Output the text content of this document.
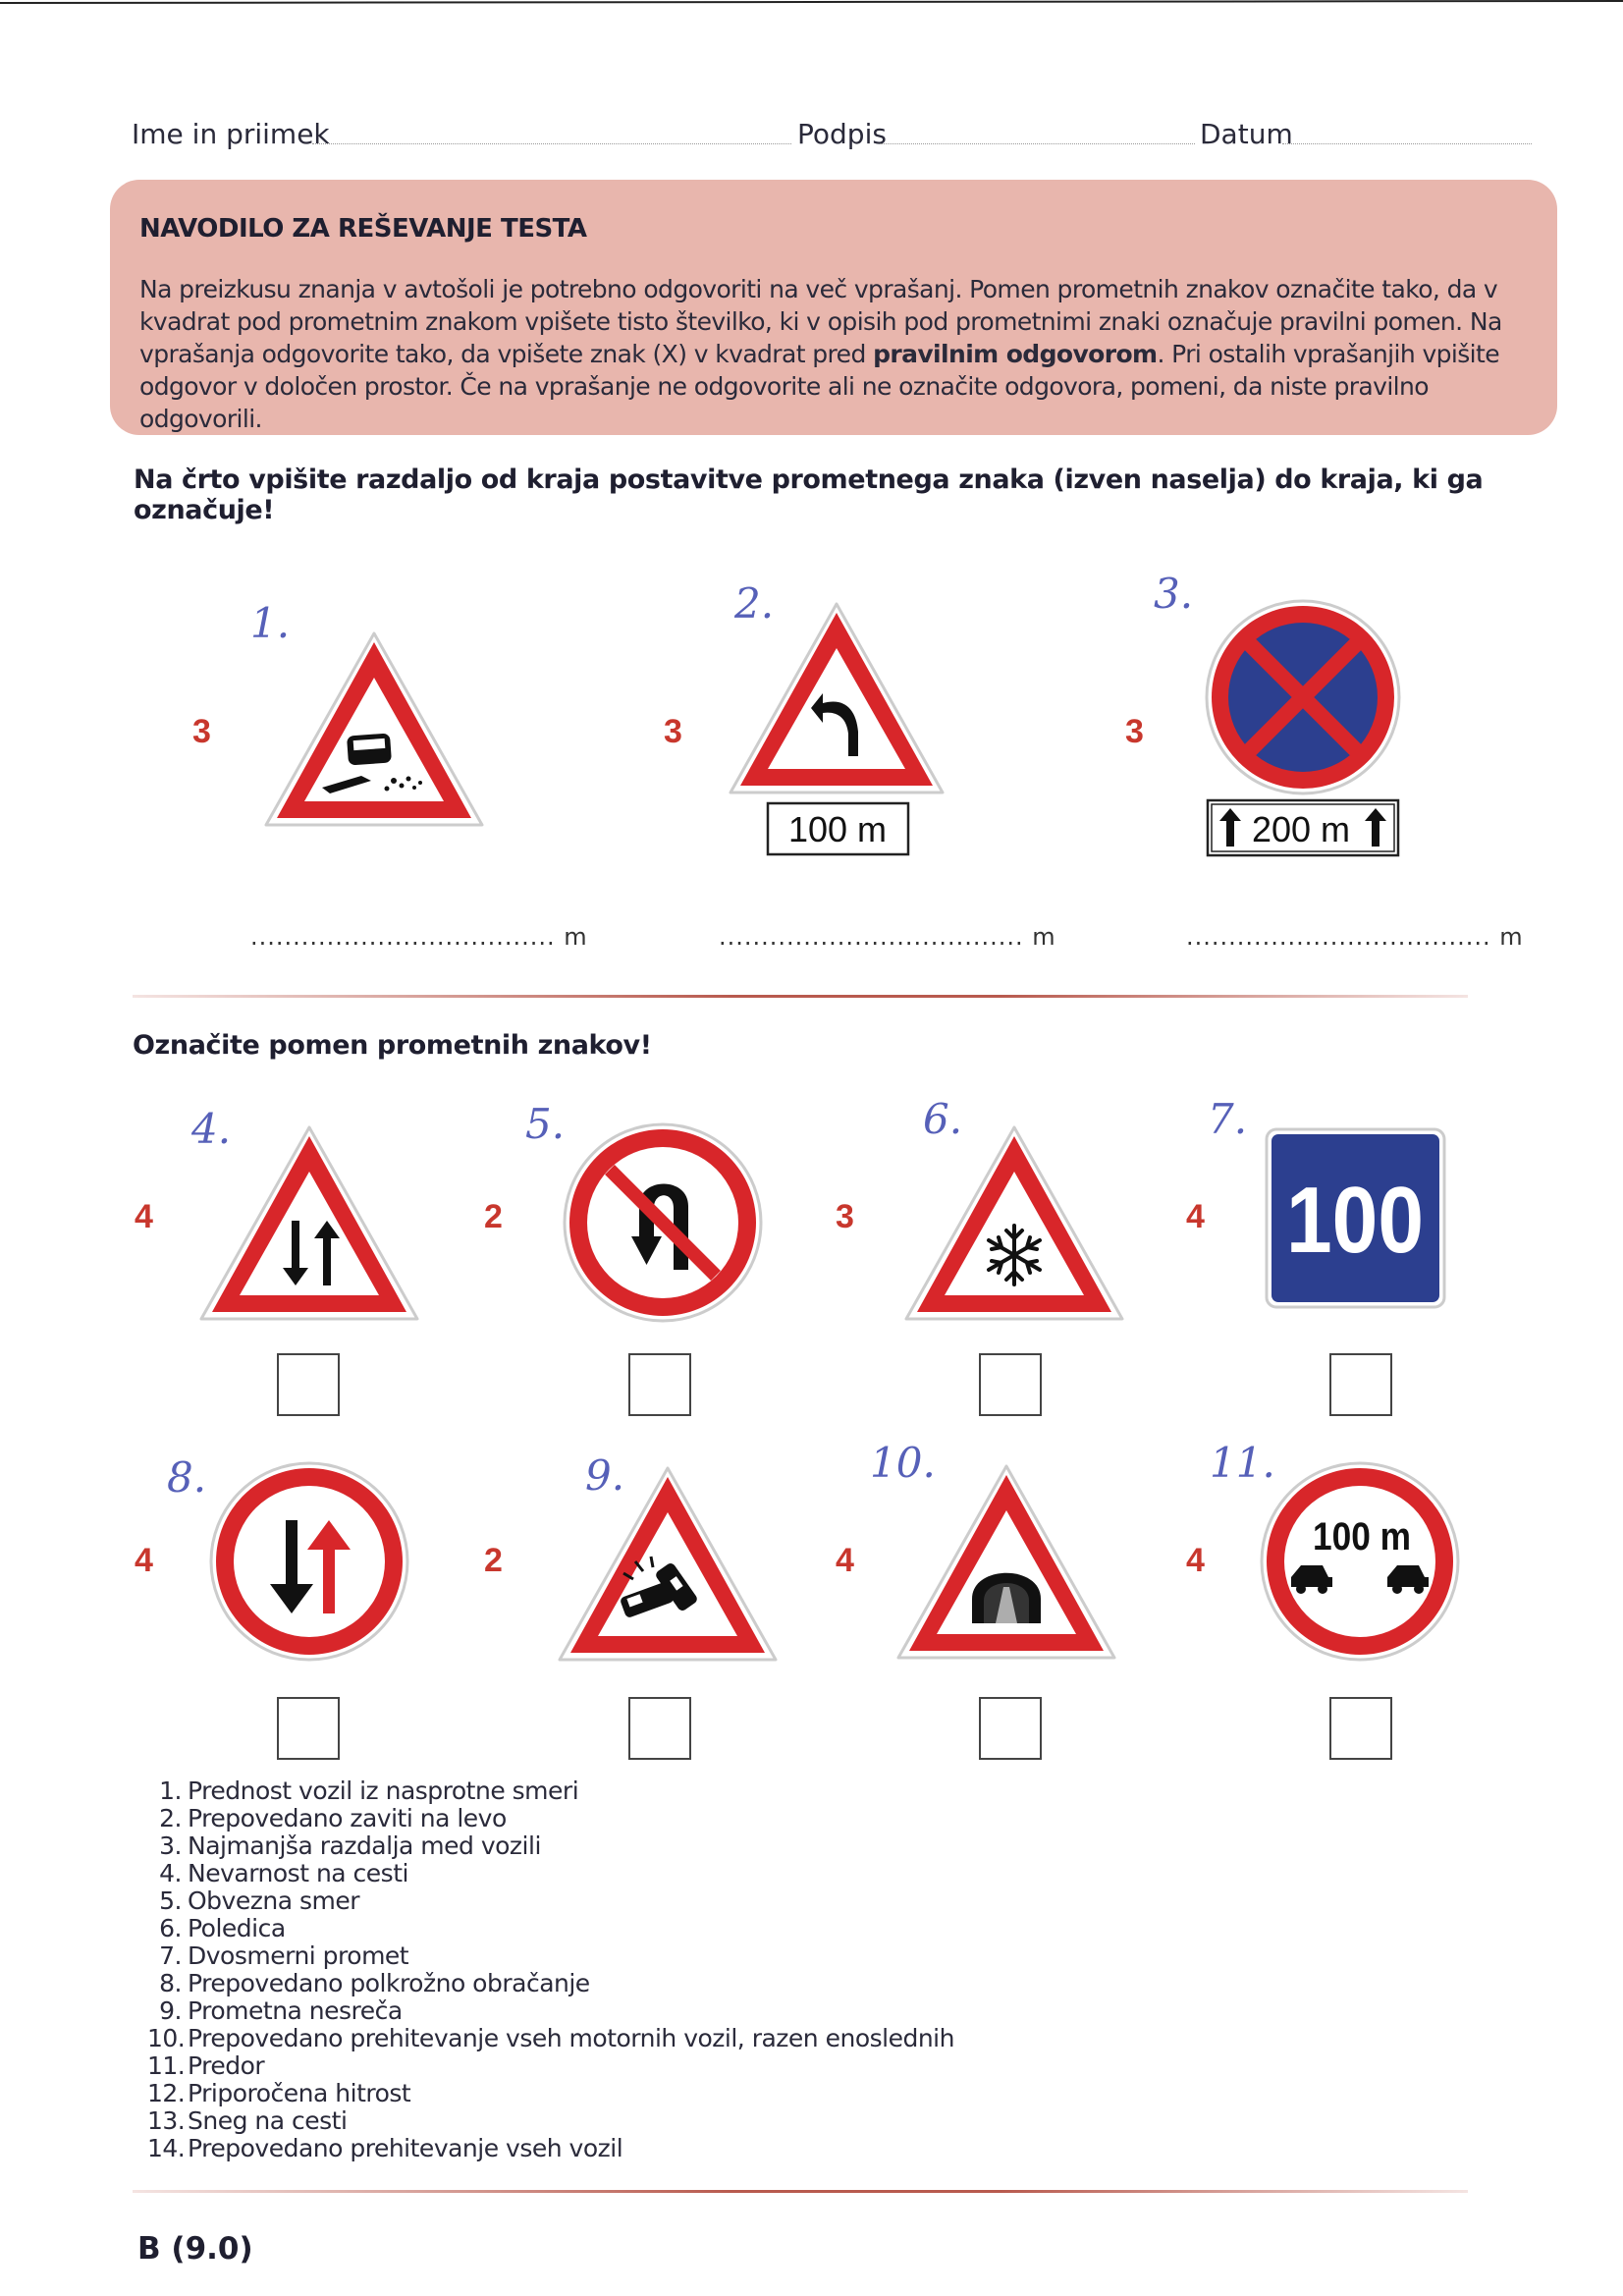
Ime in priimek	Podpis	Datum
NAVODILO ZA REŠEVANJE TESTA
Na preizkusu znanja v avtošoli je potrebno odgovoriti na več vprašanj. Pomen prometnih znakov označite tako, da v kvadrat pod prometnim znakom vpišete tisto številko, ki v opisih pod prometnimi znaki označuje pravilni pomen. Na vprašanja odgovorite tako, da vpišete znak (X) v kvadrat pred pravilnim odgovorom. Pri ostalih vprašanjih vpišite odgovor v določen prostor. Če na vprašanje ne odgovorite ali ne označite odgovora, pomeni, da niste pravilno odgovorili.
Na črto vpišite razdaljo od kraja postavitve prometnega znaka (izven naselja) do kraja, ki ga označuje!
1.
3
.................................... m
2.
3
100 m
.................................... m
3.
3
200 m
.................................... m
Označite pomen prometnih znakov!
4.
4
5.
2
6.
3
7.
4 100
8.
4
9.
2
10.
4
11.
4
100 m
1. Prednost vozil iz nasprotne smeri
2. Prepovedano zaviti na levo
3. Najmanjša razdalja med vozili
4. Nevarnost na cesti
5. Obvezna smer
6. Poledica
7. Dvosmerni promet
8. Prepovedano polkrožno obračanje
9. Prometna nesreča
10. Prepovedano prehitevanje vseh motornih vozil, razen enoslednih
11. Predor
12. Priporočena hitrost
13. Sneg na cesti
14. Prepovedano prehitevanje vseh vozil
B (9.0)
